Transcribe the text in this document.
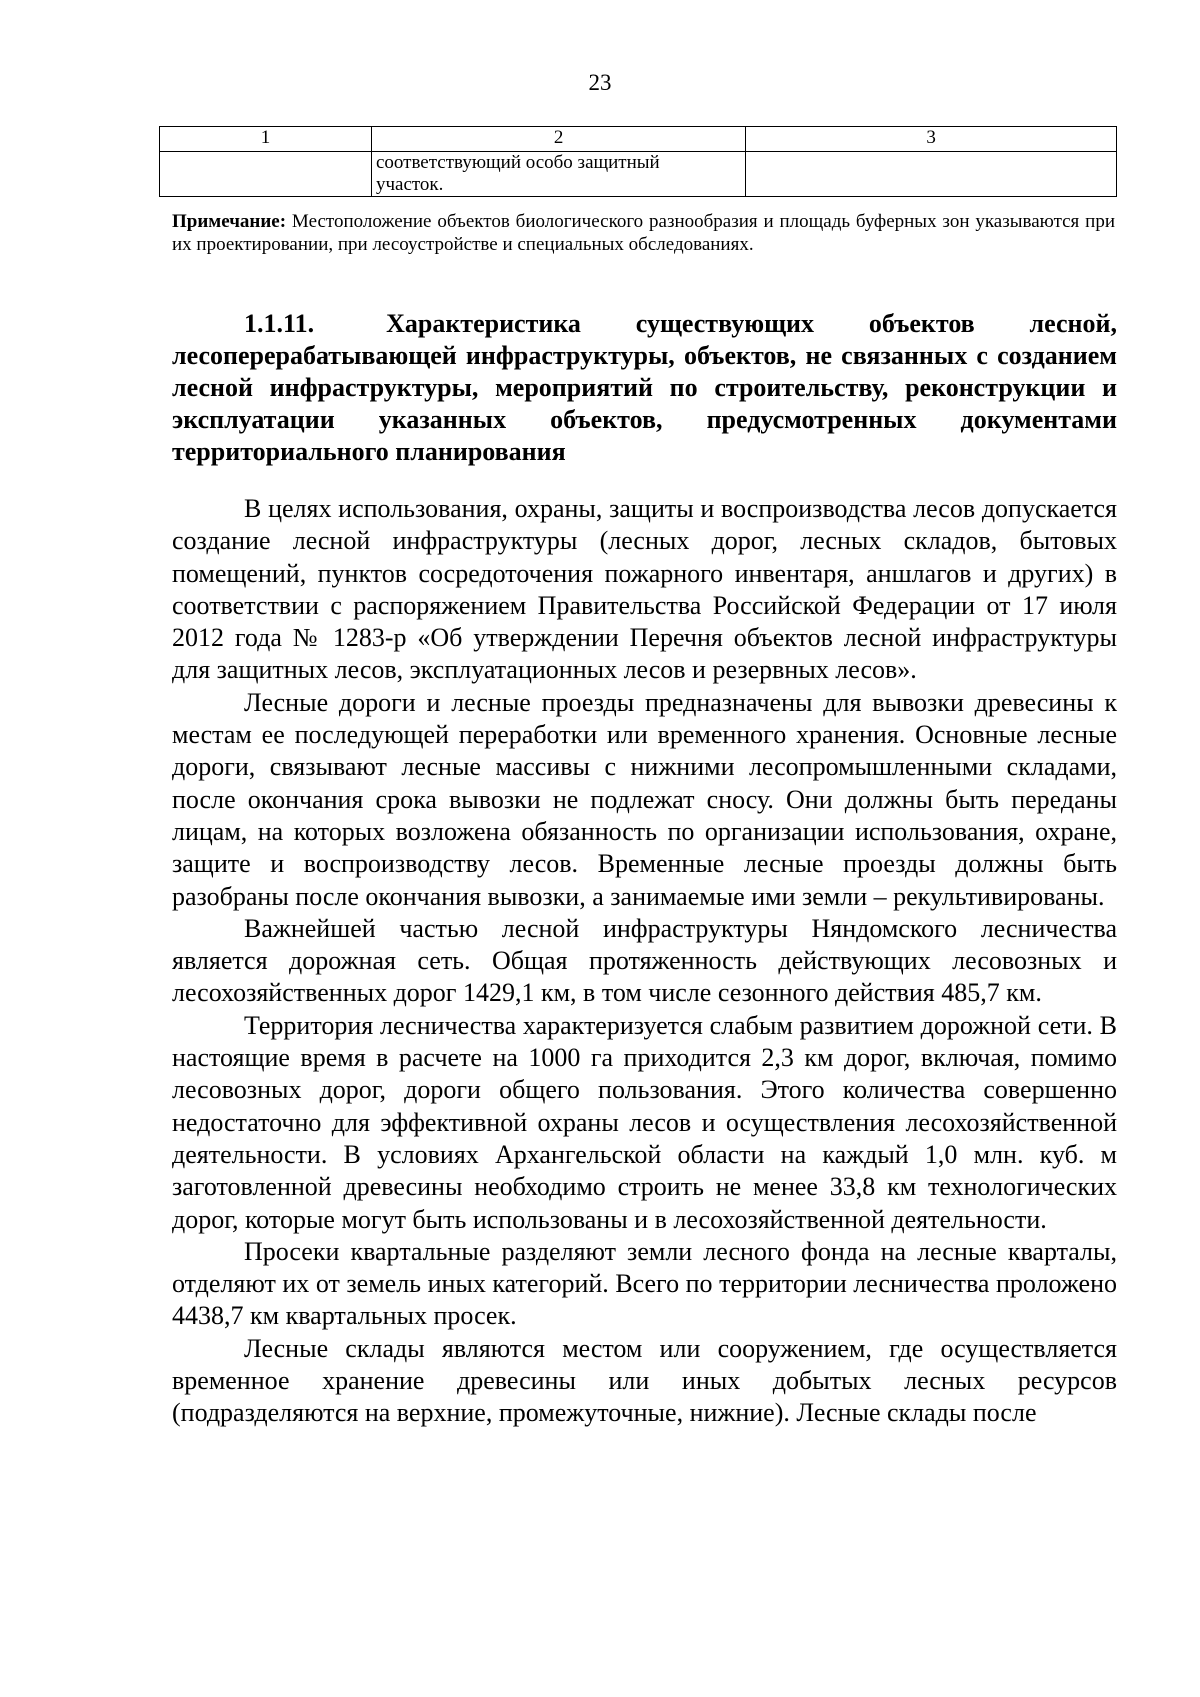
23
1	2	3

	соответствующий особо защитный
участок.	

Примечание: Местоположение объектов биологического разнообразия и площадь буферных зон указываются при их проектировании, при лесоустройстве и специальных обследованиях.
1.1.11.	Характеристика существующих объектов лесной, лесоперерабатывающей инфраструктуры, объектов, не связанных с созданием лесной инфраструктуры, мероприятий по строительству, реконструкции и эксплуатации указанных объектов, предусмотренных документами территориального планирования

В целях использования, охраны, защиты и воспроизводства лесов допускается создание лесной инфраструктуры (лесных дорог, лесных складов, бытовых помещений, пунктов сосредоточения пожарного инвентаря, аншлагов и других) в соответствии с распоряжением Правительства Российской Федерации от 17 июля 2012 года № 1283-р «Об утверждении Перечня объектов лесной инфраструктуры для защитных лесов, эксплуатационных лесов и резервных лесов».

Лесные дороги и лесные проезды предназначены для вывозки древесины к местам ее последующей переработки или временного хранения. Основные лесные дороги, связывают лесные массивы с нижними лесопромышленными складами, после окончания срока вывозки не подлежат сносу. Они должны быть переданы лицам, на которых возложена обязанность по организации использования, охране, защите и воспроизводству лесов. Временные лесные проезды должны быть разобраны после окончания вывозки, а занимаемые ими земли – рекультивированы.

Важнейшей частью лесной инфраструктуры Няндомского лесничества является дорожная сеть. Общая протяженность действующих лесовозных и лесохозяйственных дорог 1429,1 км, в том числе сезонного действия 485,7 км.

Территория лесничества характеризуется слабым развитием дорожной сети. В настоящие время в расчете на 1000 га приходится 2,3 км дорог, включая, помимо лесовозных дорог, дороги общего пользования. Этого количества совершенно недостаточно для эффективной охраны лесов и осуществления лесохозяйственной деятельности. В условиях Архангельской области на каждый 1,0 млн. куб. м заготовленной древесины необходимо строить не менее 33,8 км технологических дорог, которые могут быть использованы и в лесохозяйственной деятельности.

Просеки квартальные разделяют земли лесного фонда на лесные кварталы, отделяют их от земель иных категорий. Всего по территории лесничества проложено 4438,7 км квартальных просек.

Лесные склады являются местом или сооружением, где осуществляется временное хранение древесины или иных добытых лесных ресурсов (подразделяются на верхние, промежуточные, нижние). Лесные склады после
